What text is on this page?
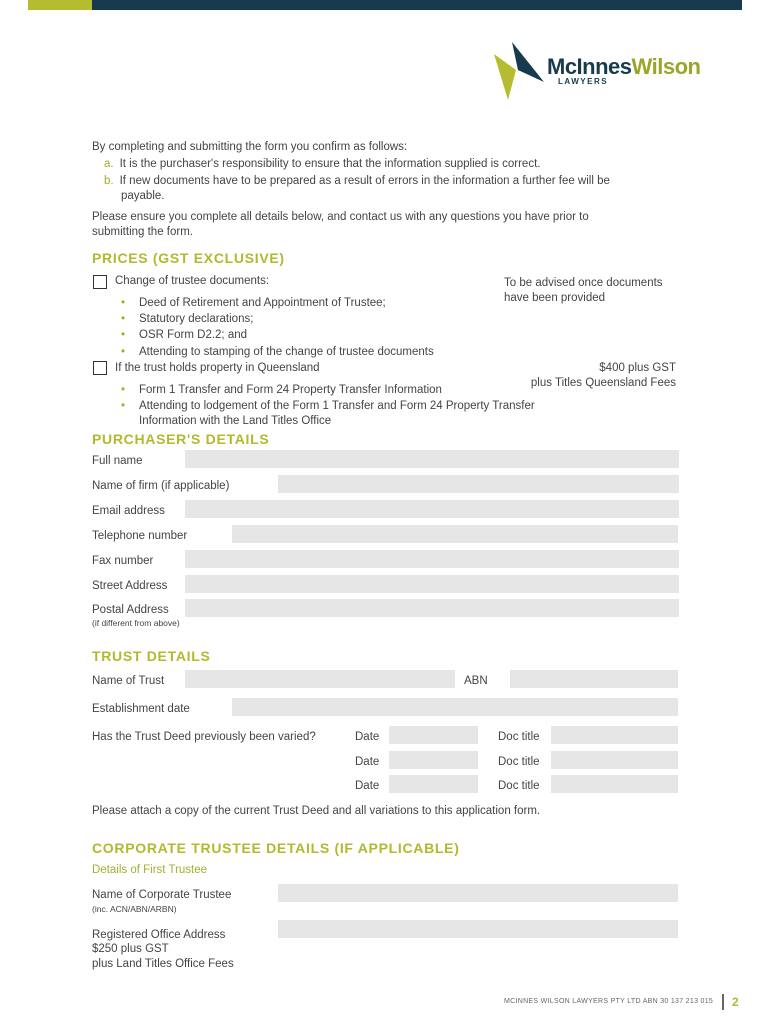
McInnesWilson
LAWYERS
By completing and submitting the form you confirm as follows:
a. It is the purchaser's responsibility to ensure that the information supplied is correct.
b. If new documents have to be prepared as a result of errors in the information a further fee will be
payable.
Please ensure you complete all details below, and contact us with any questions you have prior to
submitting the form.
PRICES (GST EXCLUSIVE)
Change of trustee documents:	To be advised once documents
have been provided
• Deed of Retirement and Appointment of Trustee;
• Statutory declarations;
• OSR Form D2.2; and
• Attending to stamping of the change of trustee documents
If the trust holds property in Queensland	$400 plus GST
plus Titles Queensland Fees
• Form 1 Transfer and Form 24 Property Transfer Information
• Attending to lodgement of the Form 1 Transfer and Form 24 Property Transfer
Information with the Land Titles Office
PURCHASER'S DETAILS
Full name
Name of firm (if applicable)
Email address
Telephone number
Fax number
Street Address
Postal Address
(if different from above)
TRUST DETAILS
Name of Trust	ABN
Establishment date
Has the Trust Deed previously been varied?	Date	Doc title
Date	Doc title
Date	Doc title
Please attach a copy of the current Trust Deed and all variations to this application form.
CORPORATE TRUSTEE DETAILS (IF APPLICABLE)
Details of First Trustee
Name of Corporate Trustee
(inc. ACN/ABN/ARBN)
Registered Office Address
$250 plus GST
plus Land Titles Office Fees
MCINNES WILSON LAWYERS PTY LTD ABN 30 137 213 015 2
